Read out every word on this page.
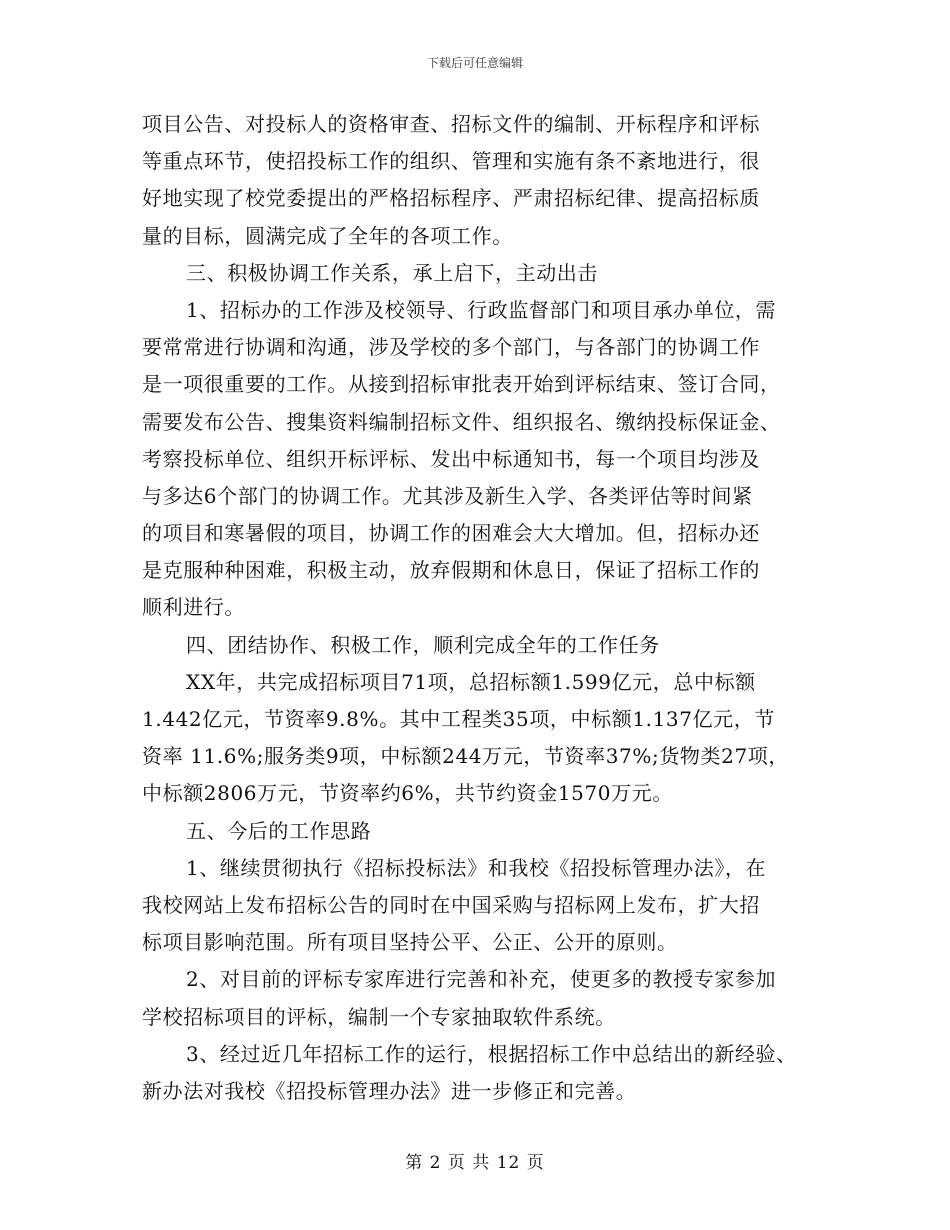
下载后可任意编辑
项目公告、对投标人的资格审查、招标文件的编制、开标程序和评标
等重点环节，使招投标工作的组织、管理和实施有条不紊地进行，很
好地实现了校党委提出的严格招标程序、严肃招标纪律、提高招标质
量的目标，圆满完成了全年的各项工作。
三、积极协调工作关系，承上启下，主动出击
1、招标办的工作涉及校领导、行政监督部门和项目承办单位，需
要常常进行协调和沟通，涉及学校的多个部门，与各部门的协调工作
是一项很重要的工作。从接到招标审批表开始到评标结束、签订合同，
需要发布公告、搜集资料编制招标文件、组织报名、缴纳投标保证金、
考察投标单位、组织开标评标、发出中标通知书，每一个项目均涉及
与多达6个部门的协调工作。尤其涉及新生入学、各类评估等时间紧
的项目和寒暑假的项目，协调工作的困难会大大增加。但，招标办还
是克服种种困难，积极主动，放弃假期和休息日，保证了招标工作的
顺利进行。
四、团结协作、积极工作，顺利完成全年的工作任务
XX年，共完成招标项目71项，总招标额1.599亿元，总中标额
1.442亿元，节资率9.8%。其中工程类35项，中标额1.137亿元，节
资率 11.6%;服务类9项，中标额244万元，节资率37%;货物类27项，
中标额2806万元，节资率约6%，共节约资金1570万元。
五、今后的工作思路
1、继续贯彻执行《招标投标法》和我校《招投标管理办法》，在
我校网站上发布招标公告的同时在中国采购与招标网上发布，扩大招
标项目影响范围。所有项目坚持公平、公正、公开的原则。
2、对目前的评标专家库进行完善和补充，使更多的教授专家参加
学校招标项目的评标，编制一个专家抽取软件系统。
3、经过近几年招标工作的运行，根据招标工作中总结出的新经验、
新办法对我校《招投标管理办法》进一步修正和完善。
第 2 页 共 12 页
